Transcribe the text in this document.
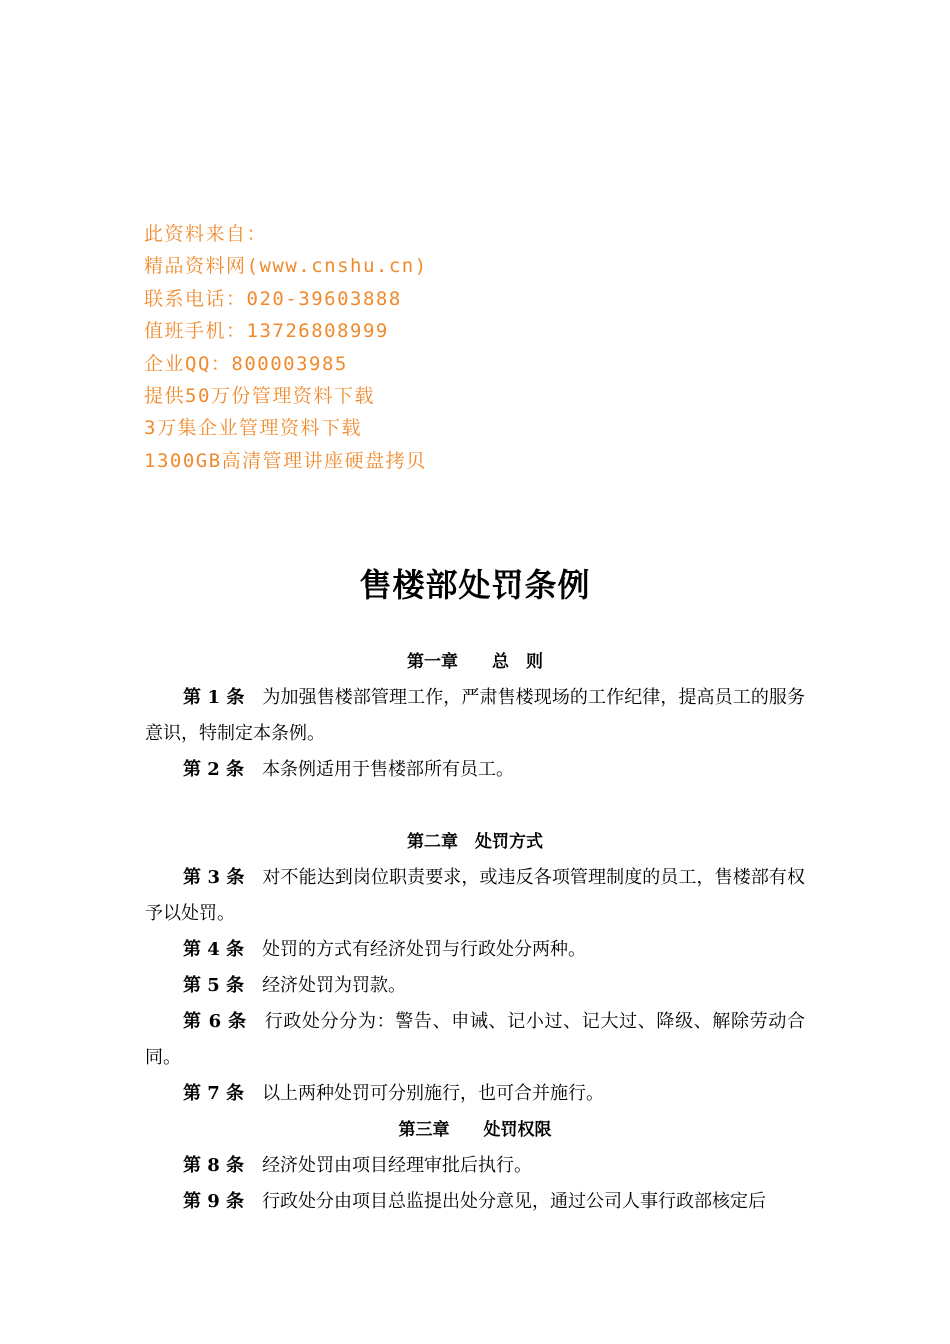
此资料来自：
精品资料网(www.cnshu.cn)
联系电话：020-39603888
值班手机：13726808999
企业QQ：800003985
提供50万份管理资料下载
3万集企业管理资料下载
1300GB高清管理讲座硬盘拷贝
售楼部处罚条例
第一章　　总　则

第 1 条 为加强售楼部管理工作，严肃售楼现场的工作纪律，提高员工的服务意识，特制定本条例。

第 2 条 本条例适用于售楼部所有员工。

第二章　处罚方式

第 3 条 对不能达到岗位职责要求，或违反各项管理制度的员工，售楼部有权予以处罚。

第 4 条 处罚的方式有经济处罚与行政处分两种。

第 5 条 经济处罚为罚款。

第 6 条 行政处分分为：警告、申诫、记小过、记大过、降级、解除劳动合同。

第 7 条 以上两种处罚可分别施行，也可合并施行。

第三章　　处罚权限

第 8 条 经济处罚由项目经理审批后执行。

第 9 条 行政处分由项目总监提出处分意见，通过公司人事行政部核定后
